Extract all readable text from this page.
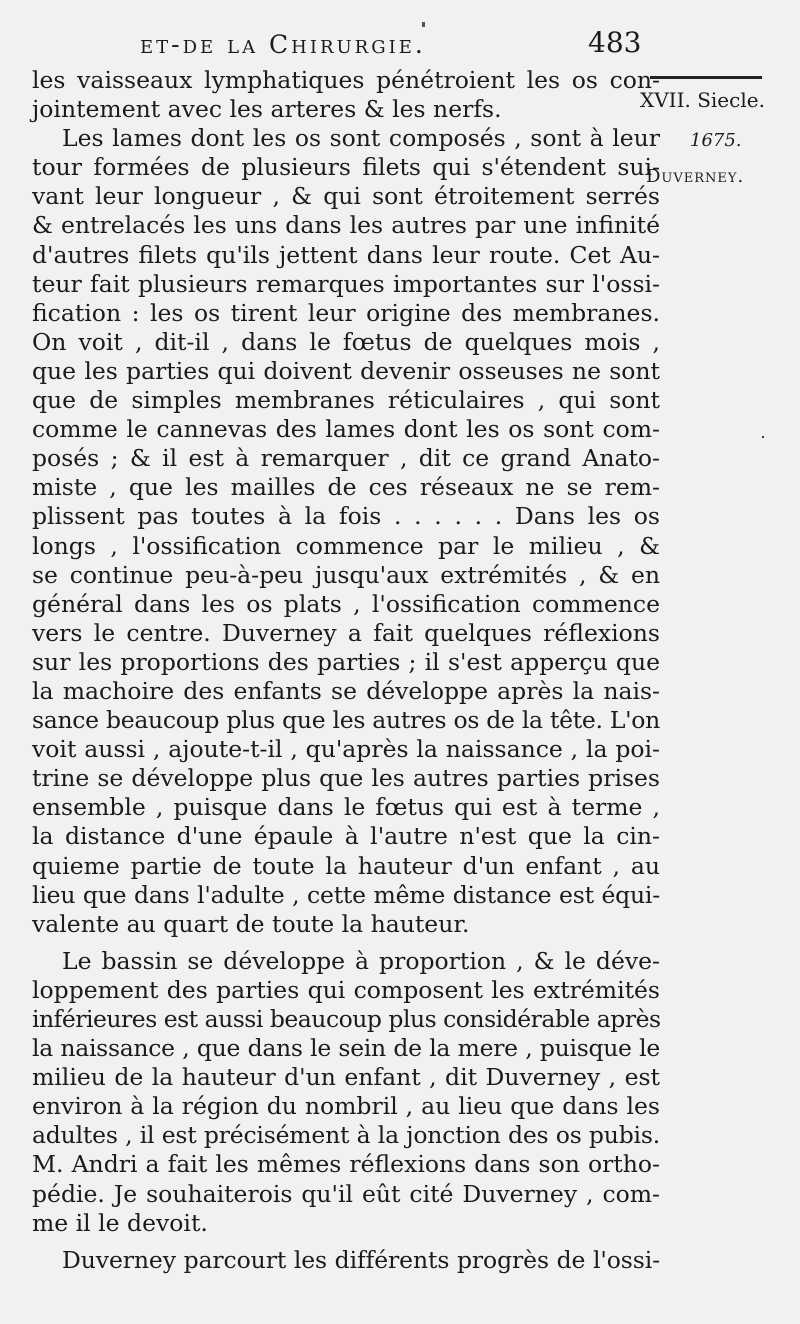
et-de la Chirurgie.	483
XVII. Siecle.
1675.
Duverney.
les vaisseaux lymphatiques pénétroient les os con-
jointement avec les arteres & les nerfs.
Les lames dont les os sont composés , sont à leur
tour formées de plusieurs filets qui s'étendent sui-
vant leur longueur , & qui sont étroitement serrés
& entrelacés les uns dans les autres par une infinité
d'autres filets qu'ils jettent dans leur route. Cet Au-
teur fait plusieurs remarques importantes sur l'ossi-
fication : les os tirent leur origine des membranes.
On voit , dit-il , dans le fœtus de quelques mois ,
que les parties qui doivent devenir osseuses ne sont
que de simples membranes réticulaires , qui sont
comme le cannevas des lames dont les os sont com-
posés ; & il est à remarquer , dit ce grand Anato-
miste , que les mailles de ces réseaux ne se rem-
plissent pas toutes à la fois . . . . . . Dans les os
longs , l'ossification commence par le milieu , &
se continue peu-à-peu jusqu'aux extrémités , & en
général dans les os plats , l'ossification commence
vers le centre. Duverney a fait quelques réflexions
sur les proportions des parties ; il s'est apperçu que
la machoire des enfants se développe après la nais-
sance beaucoup plus que les autres os de la tête. L'on
voit aussi , ajoute-t-il , qu'après la naissance , la poi-
trine se développe plus que les autres parties prises
ensemble , puisque dans le fœtus qui est à terme ,
la distance d'une épaule à l'autre n'est que la cin-
quieme partie de toute la hauteur d'un enfant , au
lieu que dans l'adulte , cette même distance est équi-
valente au quart de toute la hauteur.
Le bassin se développe à proportion , & le déve-
loppement des parties qui composent les extrémités
inférieures est aussi beaucoup plus considérable après
la naissance , que dans le sein de la mere , puisque le
milieu de la hauteur d'un enfant , dit Duverney , est
environ à la région du nombril , au lieu que dans les
adultes , il est précisément à la jonction des os pubis.
M. Andri a fait les mêmes réflexions dans son ortho-
pédie. Je souhaiterois qu'il eût cité Duverney , com-
me il le devoit.
Duverney parcourt les différents progrès de l'ossi-
